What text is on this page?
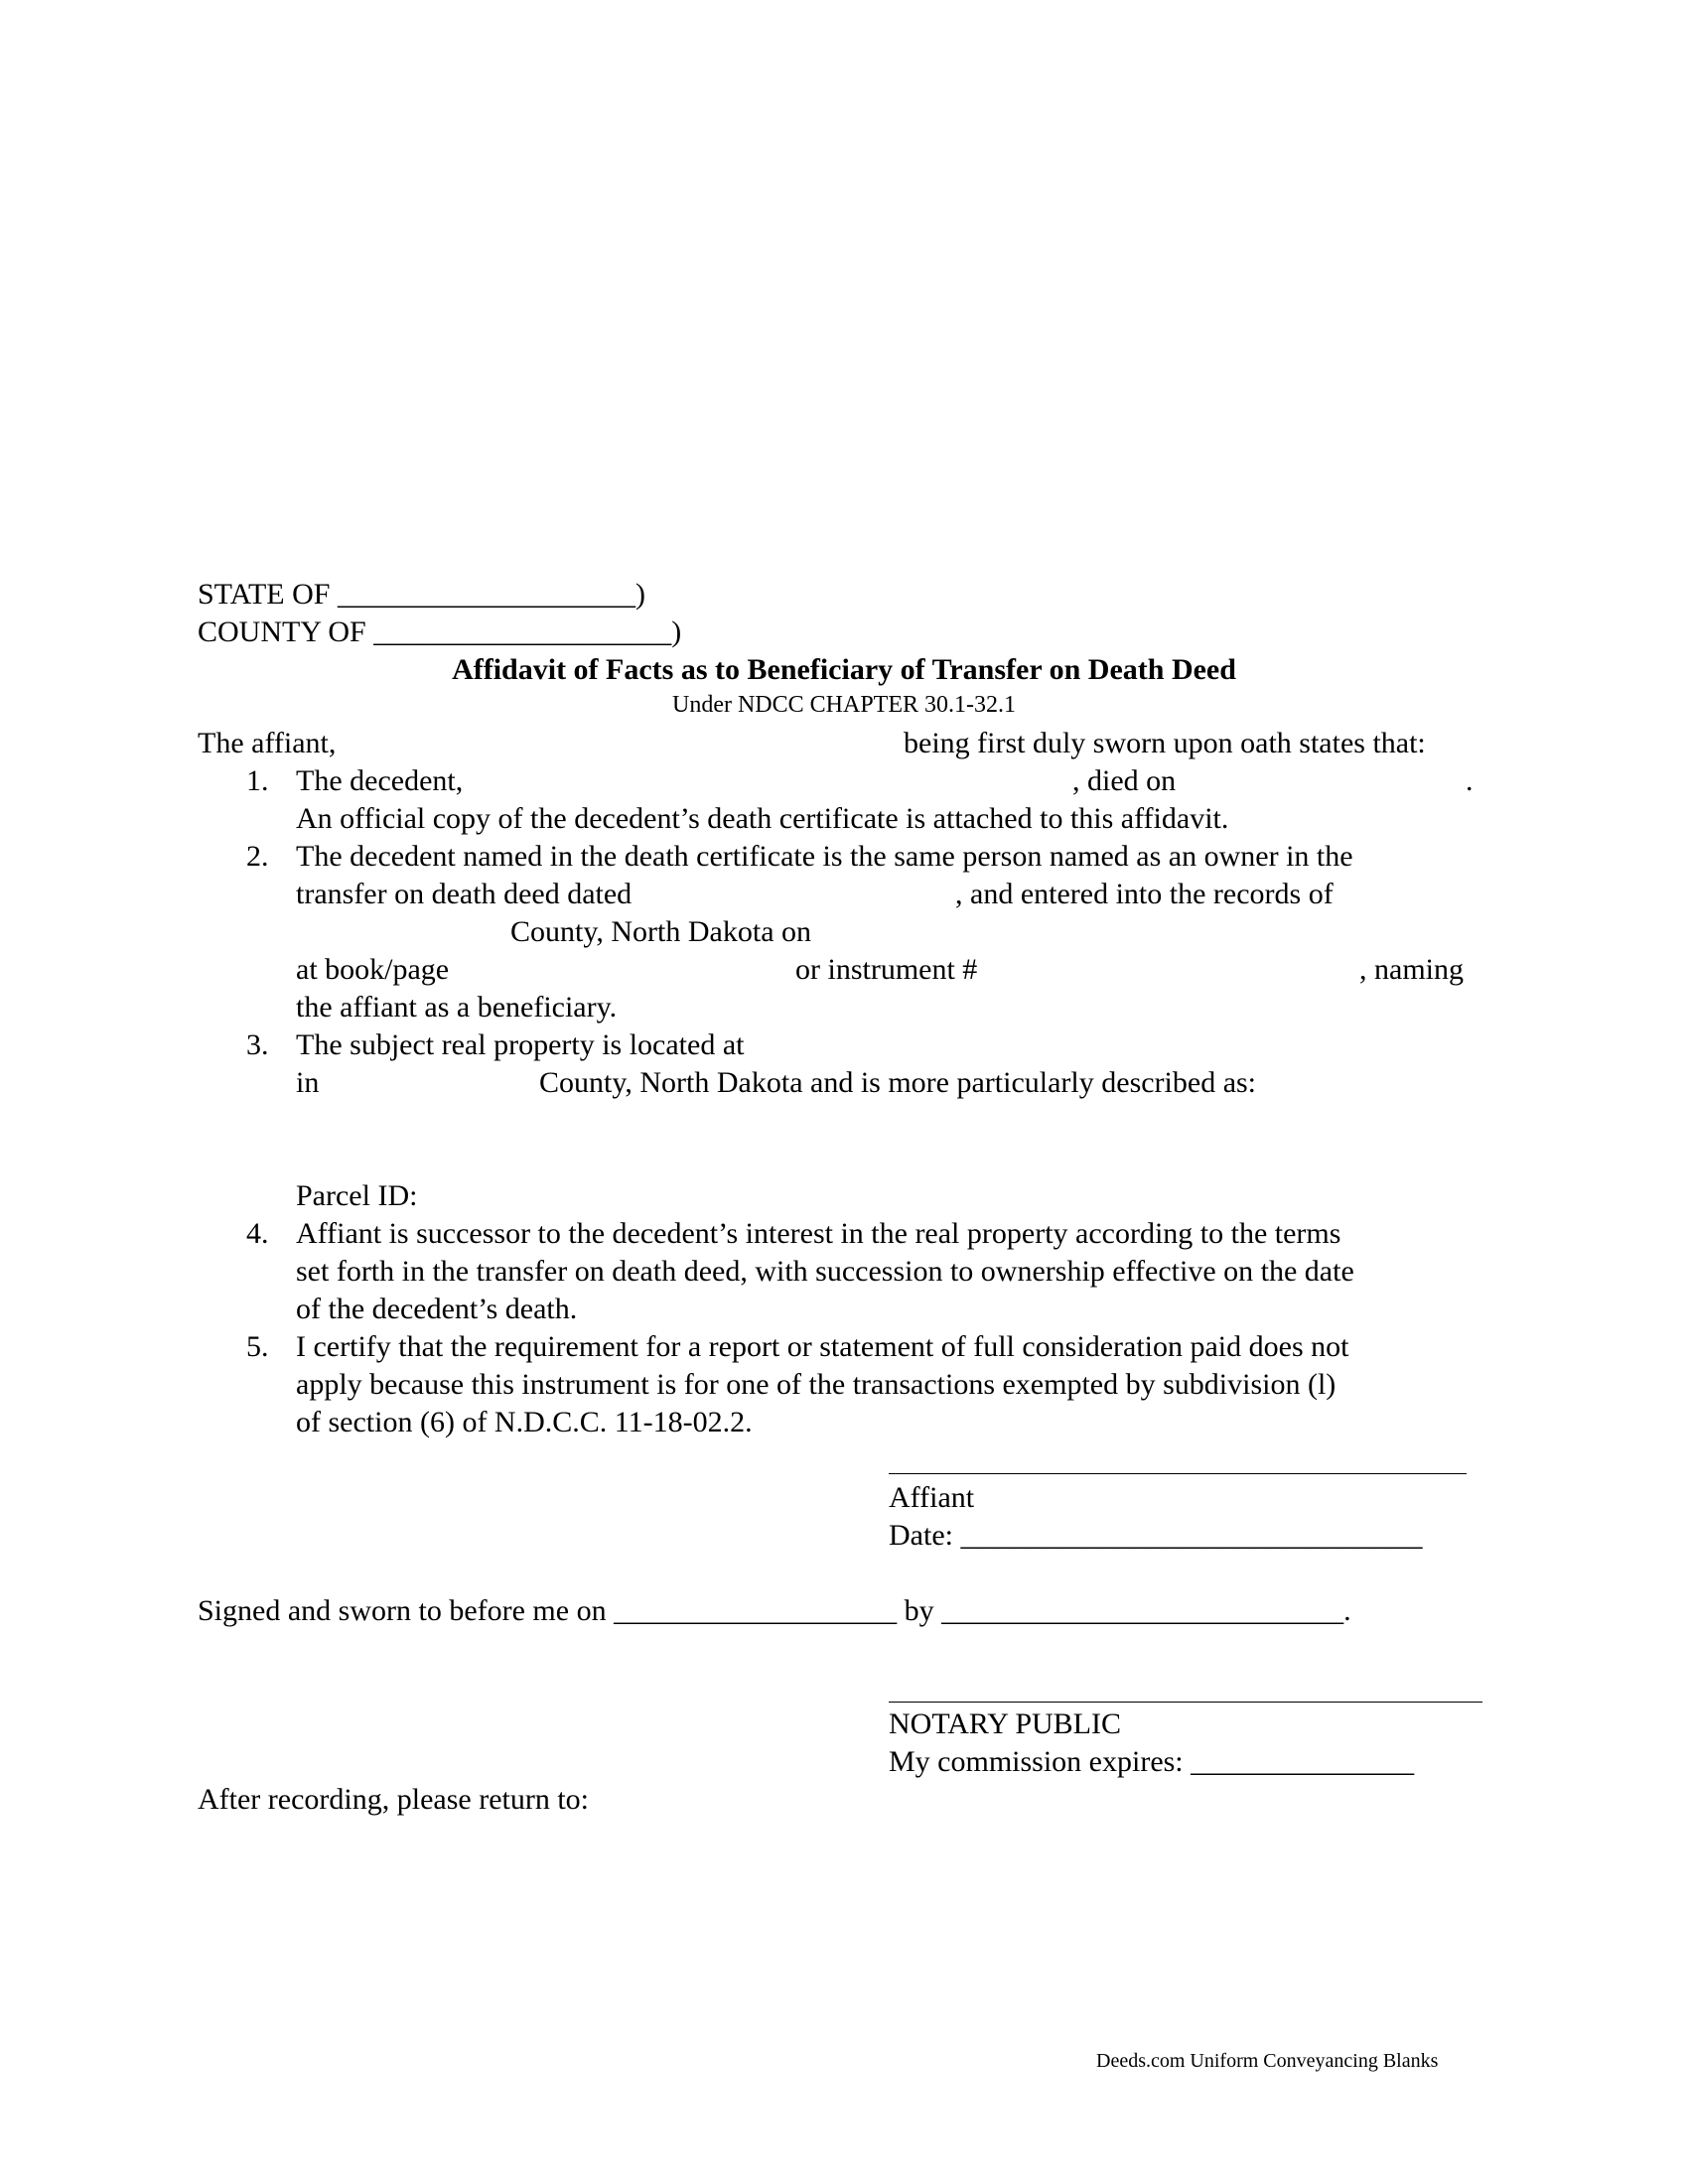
STATE OF ____________________)
COUNTY OF ____________________)
Affidavit of Facts as to Beneficiary of Transfer on Death Deed
Under NDCC CHAPTER 30.1-32.1
The affiant,	being first duly sworn upon oath states that:
1. The decedent,	, died on	.
An official copy of the decedent’s death certificate is attached to this affidavit.
2. The decedent named in the death certificate is the same person named as an owner in the
transfer on death deed dated	, and entered into the records of
County, North Dakota on
at book/page	or instrument #	, naming
the affiant as a beneficiary.
3. The subject real property is located at
in	County, North Dakota and is more particularly described as:
Parcel ID:
4. Affiant is successor to the decedent’s interest in the real property according to the terms
set forth in the transfer on death deed, with succession to ownership effective on the date
of the decedent’s death.
5. I certify that the requirement for a report or statement of full consideration paid does not
apply because this instrument is for one of the transactions exempted by subdivision (l)
of section (6) of N.D.C.C. 11-18-02.2.
Affiant
Date: _______________________________
Signed and sworn to before me on ___________________ by ___________________________.
NOTARY PUBLIC
My commission expires: _______________
After recording, please return to:
Deeds.com Uniform Conveyancing Blanks
